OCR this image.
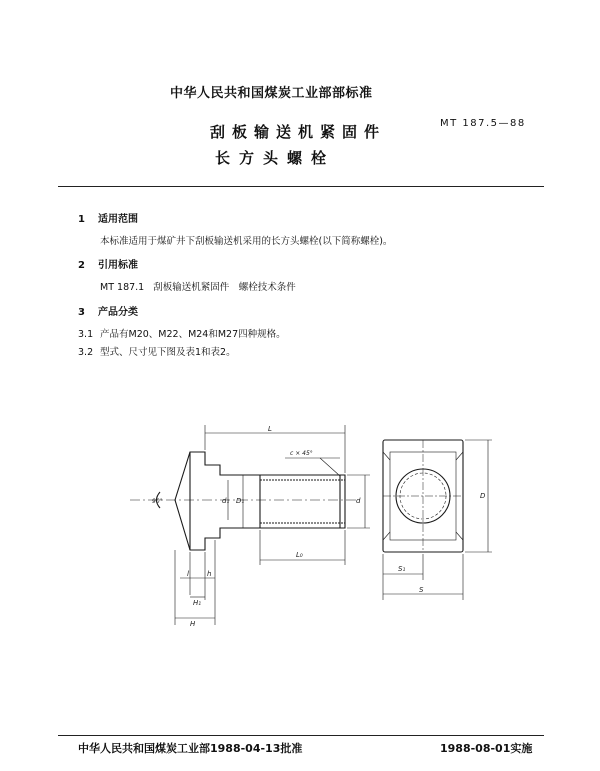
中华人民共和国煤炭工业部部标准
MT 187.5—88
刮板输送机紧固件
长方头螺栓
1 适用范围
本标准适用于煤矿井下刮板输送机采用的长方头螺栓(以下简称螺栓)。
2 引用标准
MT 187.1 刮板输送机紧固件　螺栓技术条件
3 产品分类
3.1 产品有M20、M22、M24和M27四种规格。
3.2 型式、尺寸见下图及表1和表2。
L
c × 45°
90°	d₁ D₁	d
L₀
l	h
H₁
H
D
S₁
S
中华人民共和国煤炭工业部1988-04-13批准	1988-08-01实施
